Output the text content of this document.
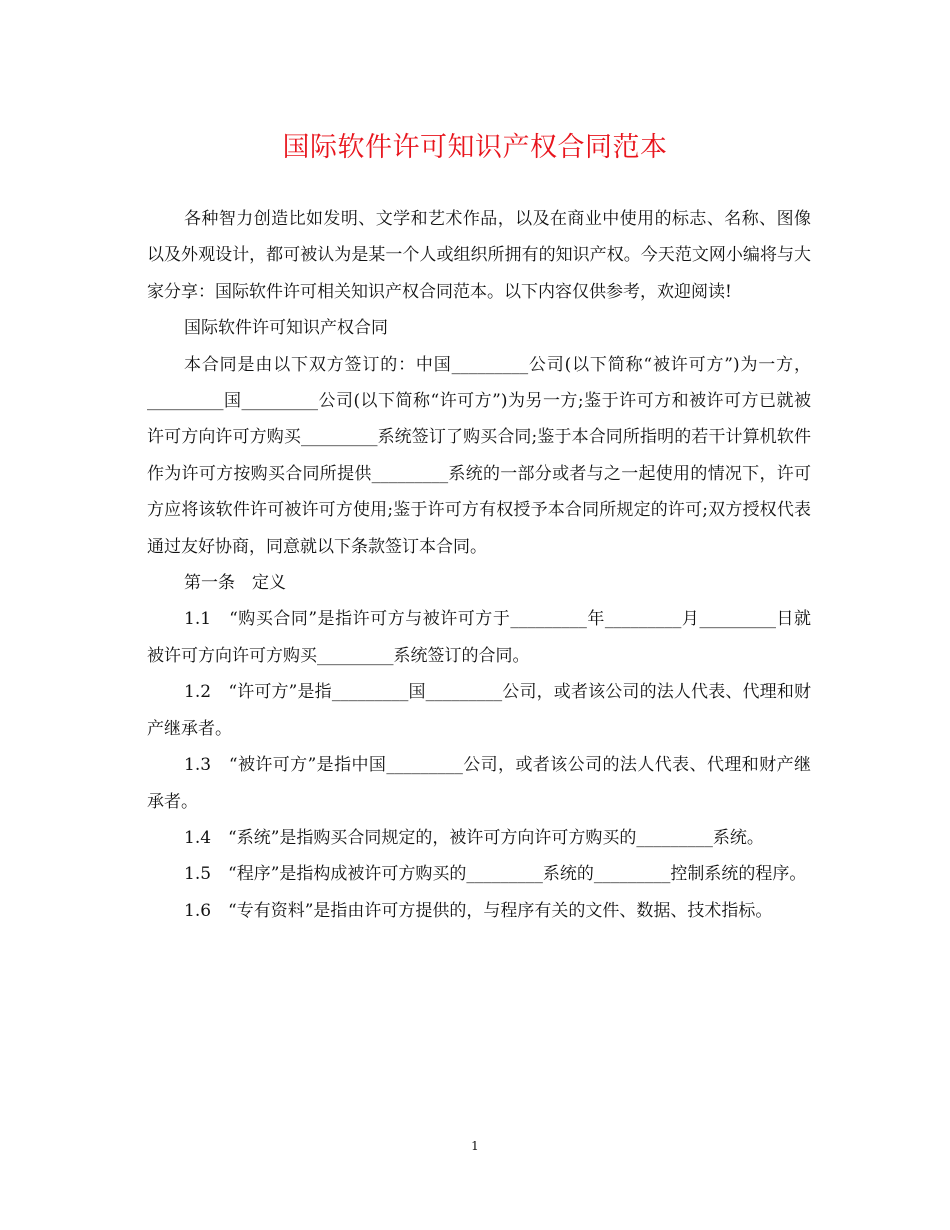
国际软件许可知识产权合同范本

各种智力创造比如发明、文学和艺术作品，以及在商业中使用的标志、名称、图像以及外观设计，都可被认为是某一个人或组织所拥有的知识产权。今天范文网小编将与大家分享：国际软件许可相关知识产权合同范本。以下内容仅供参考，欢迎阅读!

国际软件许可知识产权合同

本合同是由以下双方签订的：中国_________公司(以下简称“被许可方”)为一方，_________国_________公司(以下简称“许可方”)为另一方;鉴于许可方和被许可方已就被许可方向许可方购买_________系统签订了购买合同;鉴于本合同所指明的若干计算机软件作为许可方按购买合同所提供_________系统的一部分或者与之一起使用的情况下，许可方应将该软件许可被许可方使用;鉴于许可方有权授予本合同所规定的许可;双方授权代表通过友好协商，同意就以下条款签订本合同。

第一条　定义

1.1　“购买合同”是指许可方与被许可方于_________年_________月_________日就被许可方向许可方购买_________系统签订的合同。

1.2　“许可方”是指_________国_________公司，或者该公司的法人代表、代理和财产继承者。

1.3　“被许可方”是指中国_________公司，或者该公司的法人代表、代理和财产继承者。

1.4　“系统”是指购买合同规定的，被许可方向许可方购买的_________系统。

1.5　“程序”是指构成被许可方购买的_________系统的_________控制系统的程序。

1.6　“专有资料”是指由许可方提供的，与程序有关的文件、数据、技术指标。

1
